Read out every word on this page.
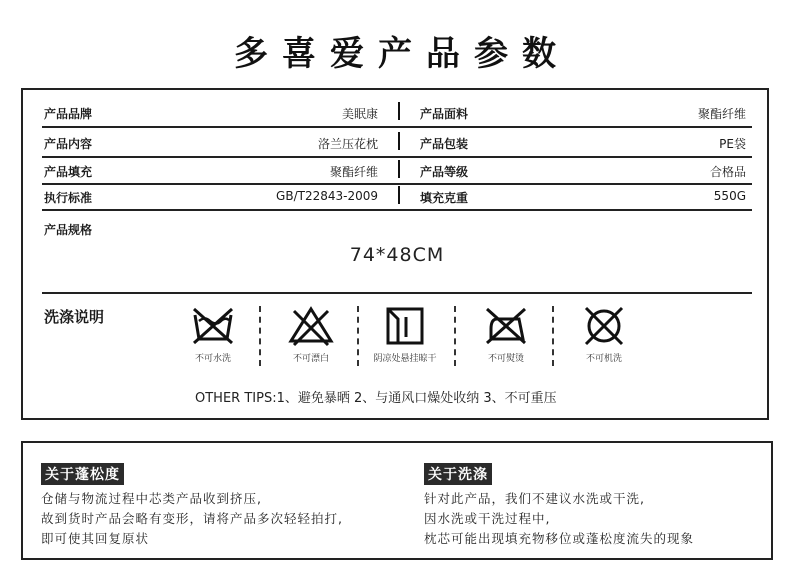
多喜爱产品参数
产品品牌	美眠康	产品面料	聚酯纤维
产品内容	洛兰压花枕	产品包装	PE袋
产品填充	聚酯纤维	产品等级	合格品
执行标准	GB/T22843-2009	填充克重	550G
产品规格
74*48CM
洗涤说明
不可水洗	不可漂白	阴凉处悬挂晾干	不可熨烫	不可机洗
OTHER TIPS:1、避免暴晒 2、与通风口燥处收纳 3、不可重压
关于蓬松度
仓储与物流过程中芯类产品收到挤压,
故到货时产品会略有变形，请将产品多次轻轻拍打,
即可使其回复原状
关于洗涤
针对此产品，我们不建议水洗或干洗,
因水洗或干洗过程中,
枕芯可能出现填充物移位或蓬松度流失的现象
